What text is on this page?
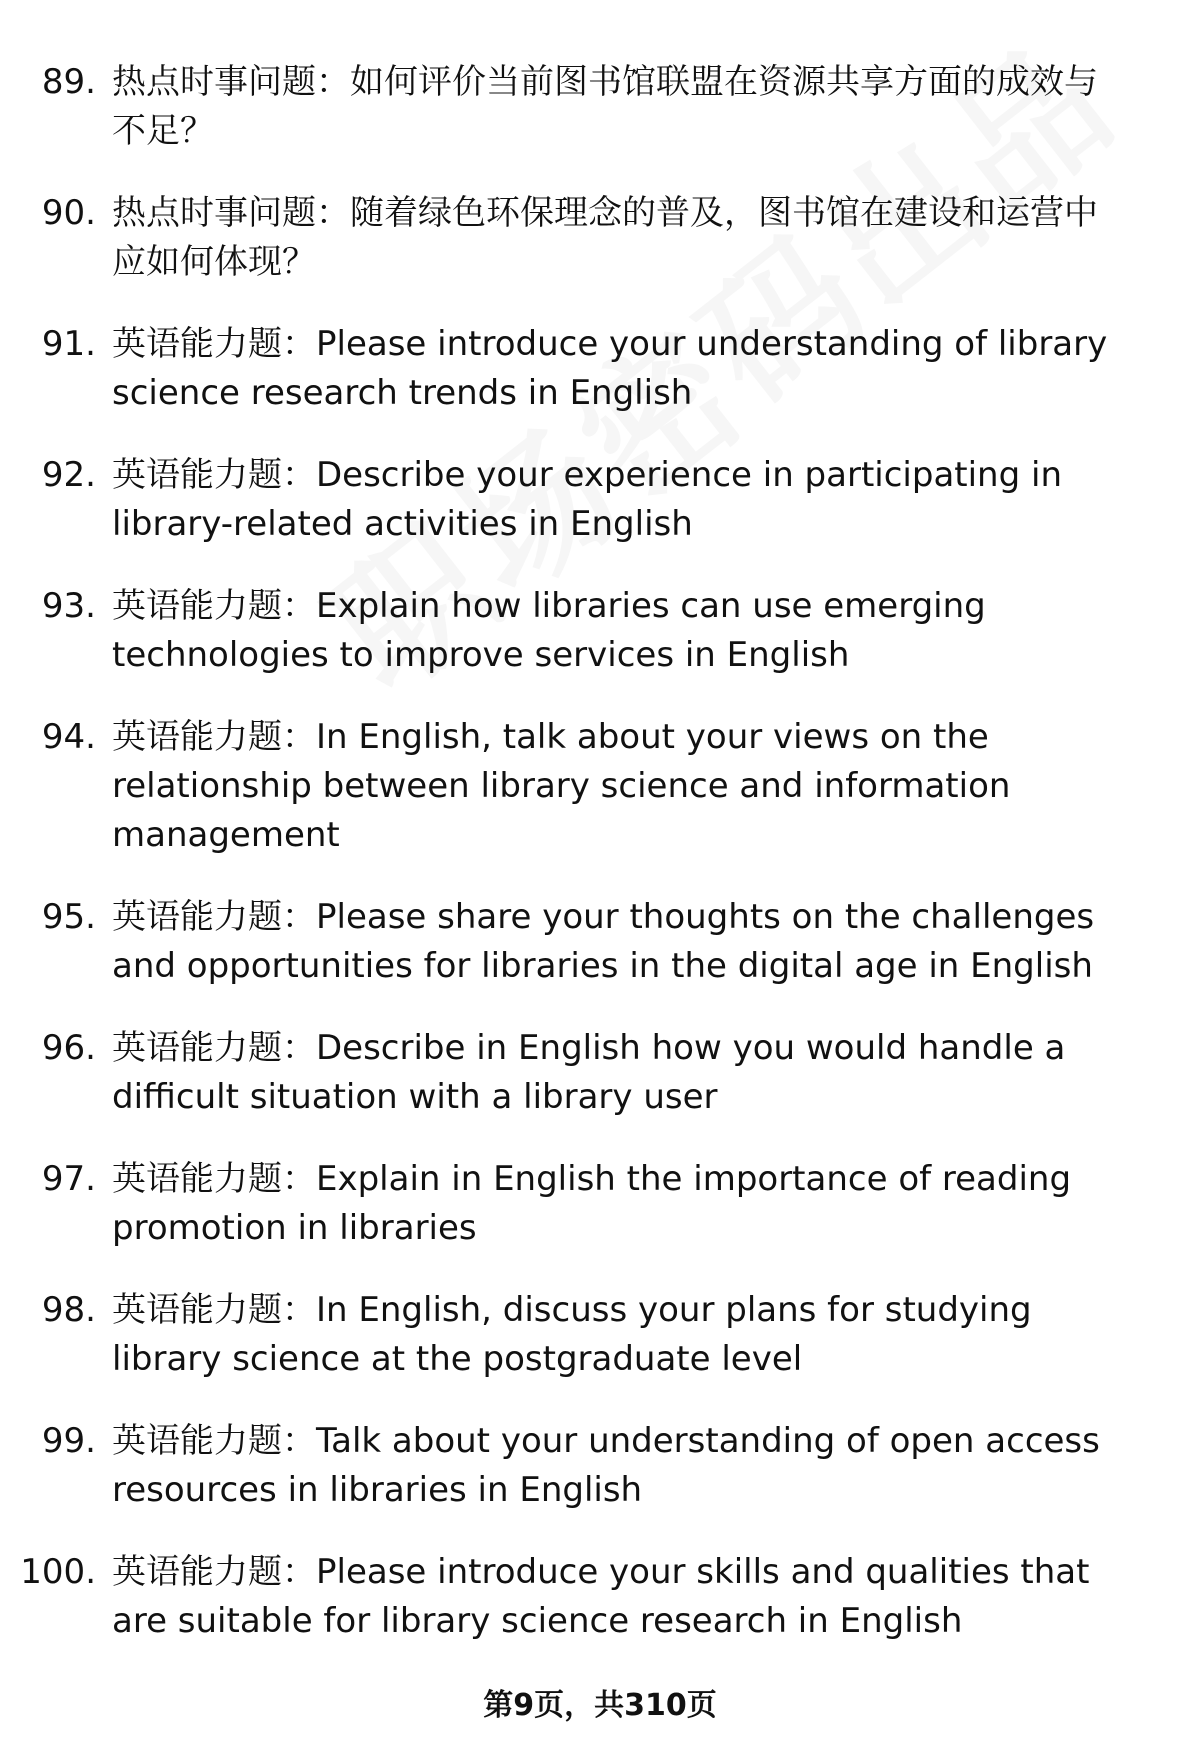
89. 热点时事问题：如何评价当前图书馆联盟在资源共享方面的成效与不足？
90. 热点时事问题：随着绿色环保理念的普及，图书馆在建设和运营中应如何体现？
91. 英语能力题：Please introduce your understanding of library science research trends in English
92. 英语能力题：Describe your experience in participating in library-related activities in English
93. 英语能力题：Explain how libraries can use emerging technologies to improve services in English
94. 英语能力题：In English, talk about your views on the relationship between library science and information management
95. 英语能力题：Please share your thoughts on the challenges and opportunities for libraries in the digital age in English
96. 英语能力题：Describe in English how you would handle a difficult situation with a library user
97. 英语能力题：Explain in English the importance of reading promotion in libraries
98. 英语能力题：In English, discuss your plans for studying library science at the postgraduate level
99. 英语能力题：Talk about your understanding of open access resources in libraries in English
100. 英语能力题：Please introduce your skills and qualities that are suitable for library science research in English
第9页，共310页
